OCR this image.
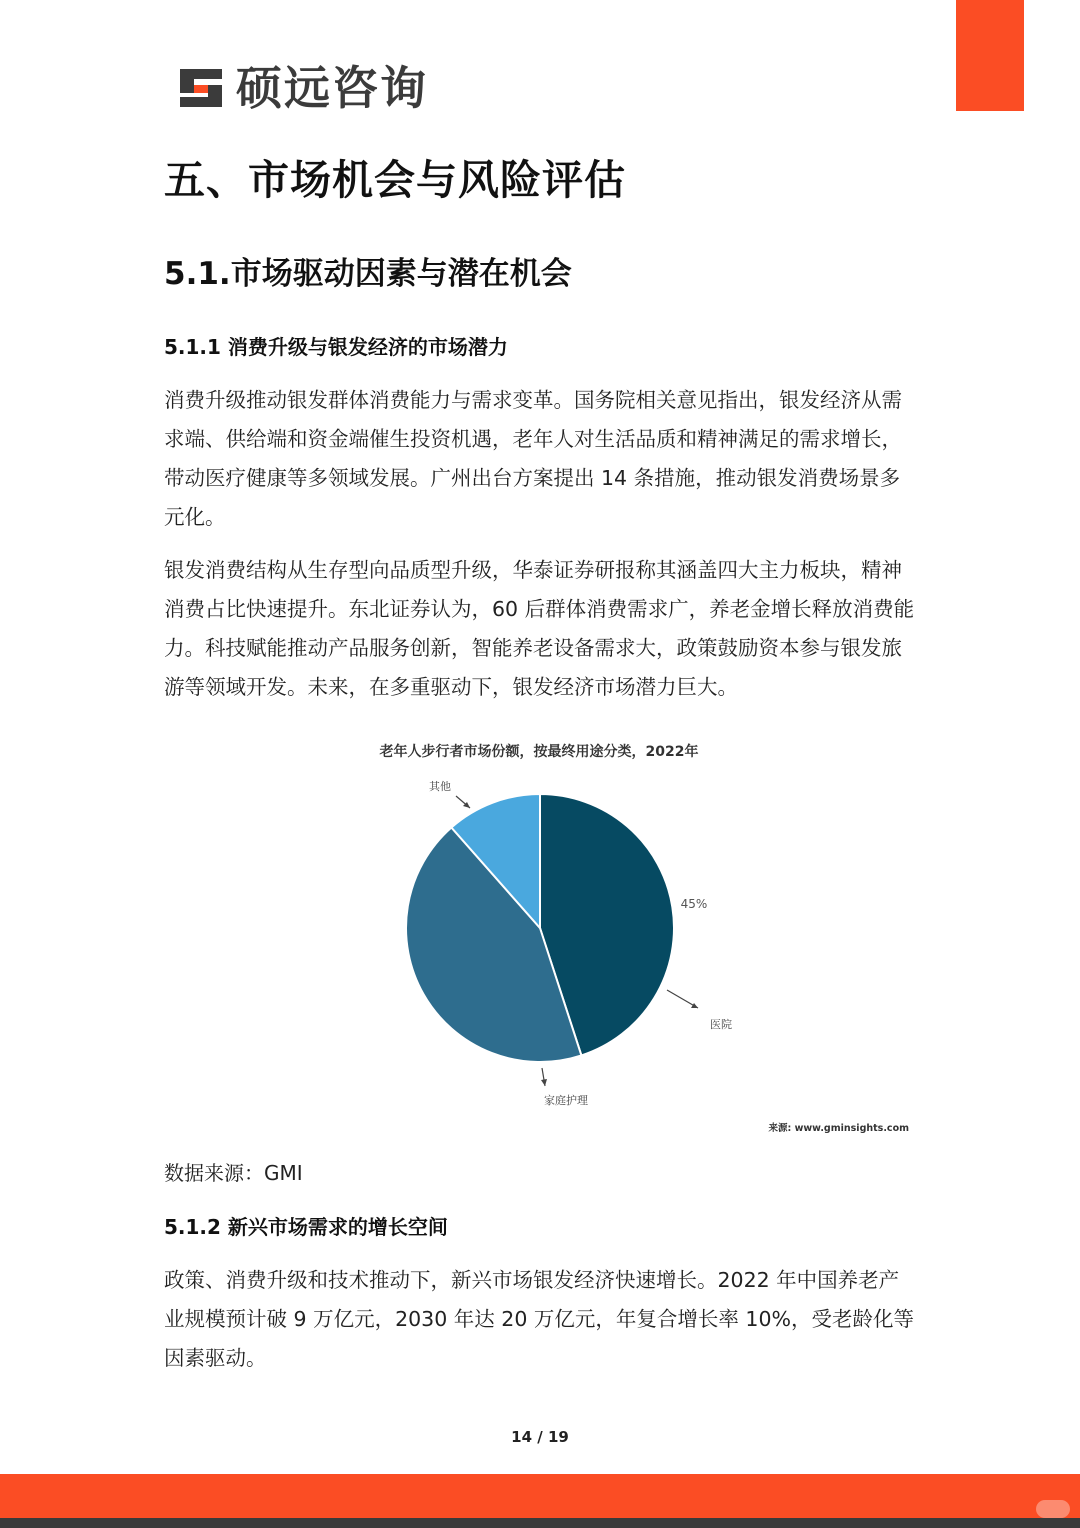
硕远咨询
五、市场机会与风险评估
5.1.市场驱动因素与潜在机会
5.1.1 消费升级与银发经济的市场潜力

消费升级推动银发群体消费能力与需求变革。国务院相关意见指出，银发经济从需求端、供给端和资金端催生投资机遇，老年人对生活品质和精神满足的需求增长，带动医疗健康等多领域发展。广州出台方案提出 14 条措施，推动银发消费场景多元化。

银发消费结构从生存型向品质型升级，华泰证券研报称其涵盖四大主力板块，精神消费占比快速提升。东北证券认为，60 后群体消费需求广，养老金增长释放消费能力。科技赋能推动产品服务创新，智能养老设备需求大，政策鼓励资本参与银发旅游等领域开发。未来，在多重驱动下，银发经济市场潜力巨大。

老年人步行者市场份额，按最终用途分类，2022年
其他
医院
家庭护理
45%
来源: www.gminsights.com
数据来源：GMI
5.1.2 新兴市场需求的增长空间

政策、消费升级和技术推动下，新兴市场银发经济快速增长。2022 年中国养老产业规模预计破 9 万亿元，2030 年达 20 万亿元，年复合增长率 10%，受老龄化等因素驱动。

14 / 19
